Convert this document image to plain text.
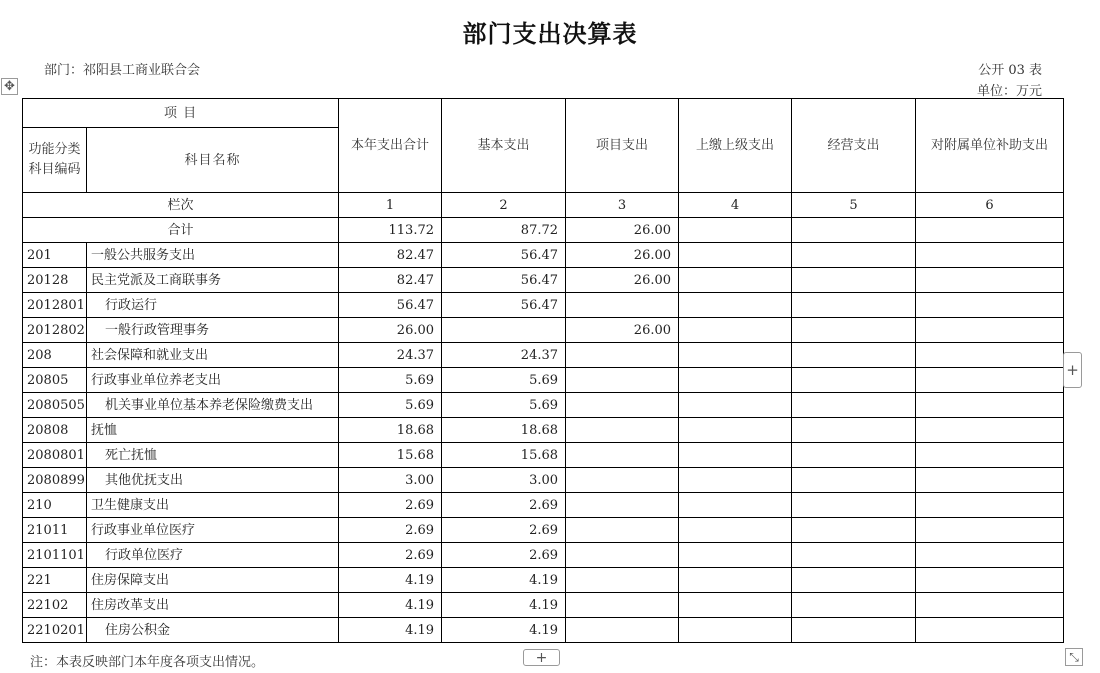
部门支出决算表
部门：祁阳县工商业联合会	公开 03 表
单位：万元
✥
项 目		本年支出合计	基本支出	项目支出	上缴上级支出	经营支出	对附属单位补助支出
功能分类科目编码	科目名称						
栏次		1	2	3	4	5	6
合计		113.72	87.72	26.00			
201	一般公共服务支出	82.47	56.47	26.00			
20128	民主党派及工商联事务	82.47	56.47	26.00			
2012801	行政运行	56.47	56.47				
2012802	一般行政管理事务	26.00		26.00			
208	社会保障和就业支出	24.37	24.37				
20805	行政事业单位养老支出	5.69	5.69				
2080505	机关事业单位基本养老保险缴费支出	5.69	5.69				
20808	抚恤	18.68	18.68				
2080801	死亡抚恤	15.68	15.68				
2080899	其他优抚支出	3.00	3.00				
210	卫生健康支出	2.69	2.69				
21011	行政事业单位医疗	2.69	2.69				
2101101	行政单位医疗	2.69	2.69				
221	住房保障支出	4.19	4.19				
22102	住房改革支出	4.19	4.19				
2210201	住房公积金	4.19	4.19				
+
注：本表反映部门本年度各项支出情况。	+	⤡
